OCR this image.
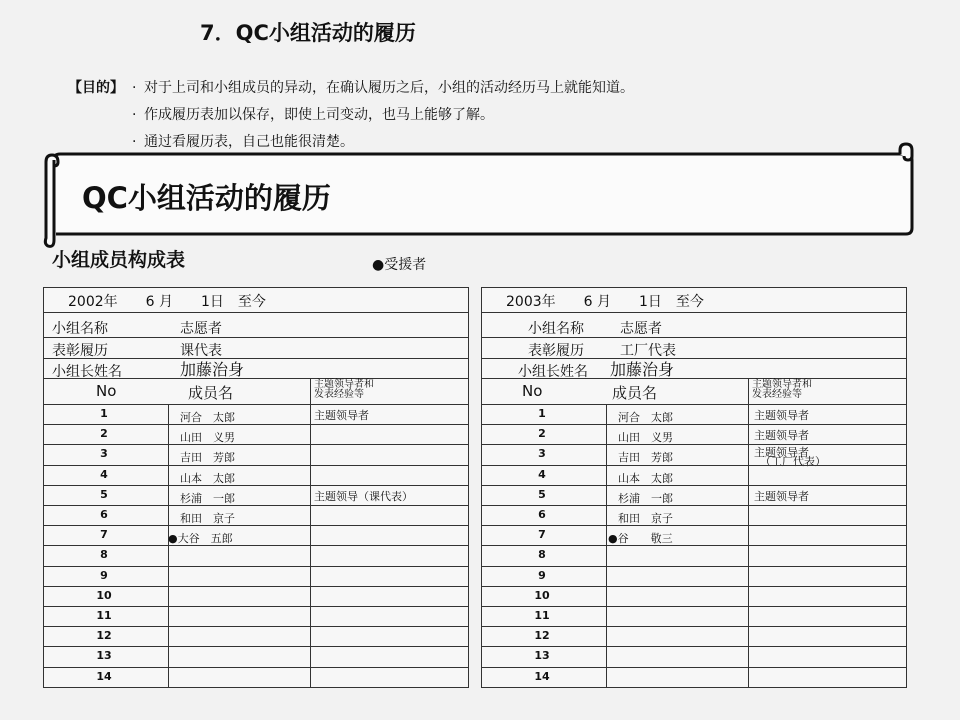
7．QC小组活动的履历
【目的】 · 对于上司和小组成员的异动，在确认履历之后，小组的活动经历马上就能知道。
· 作成履历表加以保存，即使上司变动，也马上能够了解。
· 通过看履历表，自己也能很清楚。
QC小组活动的履历
小组成员构成表	●受援者
2002年　　6 月　　1日　至今
小组名称	志愿者
表彰履历	课代表
小组长姓名	加藤治身
No	成员名	主题领导者和
发表经验等
1	河合　太郎	主题领导者
2	山田　义男
3	吉田　芳郎
4	山本　太郎
5	杉浦　一郎	主题领导（课代表）
6	和田　京子
7	●大谷　五郎
8
9
10
11
12
13
14
2003年　　6 月　　1日　至今
小组名称	志愿者
表彰履历	工厂代表
小组长姓名 加藤治身
No	成员名	主题领导者和
发表经验等
1	河合　太郎	主题领导者
2	山田　义男	主题领导者
3	吉田　芳郎	主题领导者
（工厂代表）
4	山本　太郎
5	杉浦　一郎	主题领导者
6	和田　京子
7	●谷　　敬三
8
9
10
11
12
13
14
